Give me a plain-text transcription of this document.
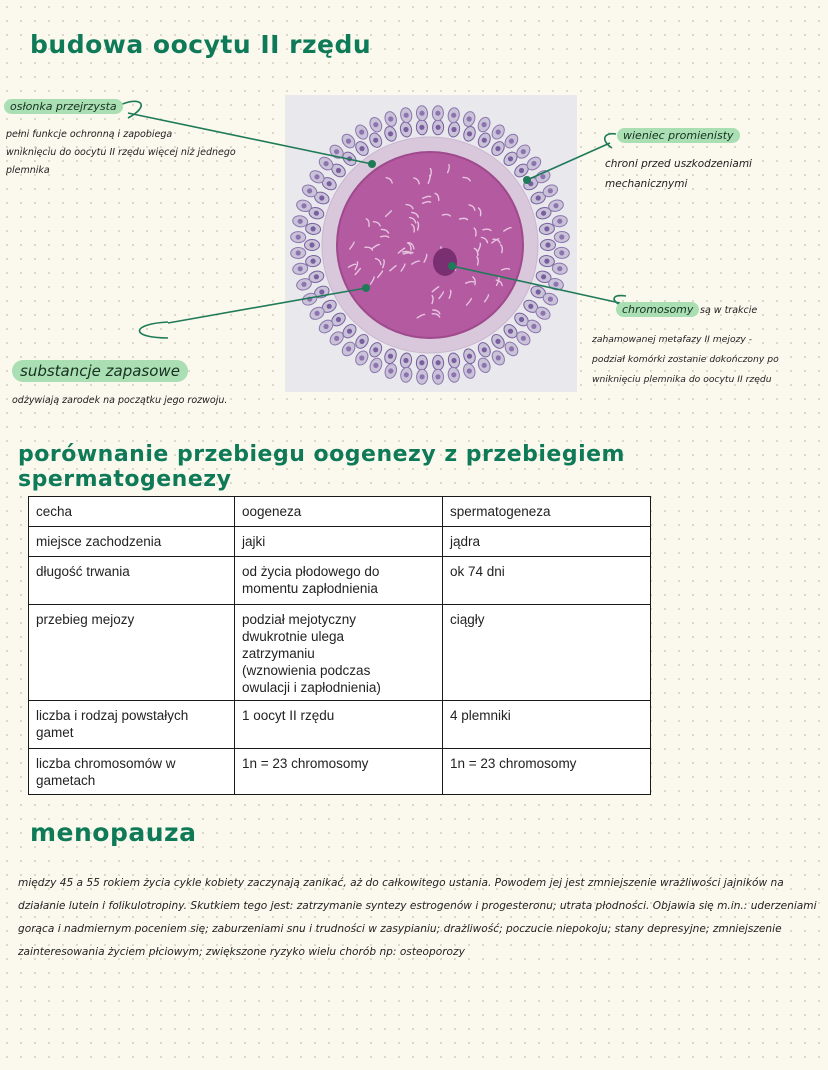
budowa oocytu II rzędu
osłonka przejrzysta
pełni funkcje ochronną i zapobiega
wniknięciu do oocytu II rzędu więcej niż jednego
plemnika
wieniec promienisty
chroni przed uszkodzeniami
mechanicznymi
substancje zapasowe
odżywiają zarodek na początku jego rozwoju.
chromosomy są w trakcie
zahamowanej metafazy II mejozy -
podział komórki zostanie dokończony po
wniknięciu plemnika do oocytu II rzędu
porównanie przebiegu oogenezy z przebiegiem spermatogenezy
cecha	oogeneza	spermatogeneza
miejsce zachodzenia	jajki	jądra
długość trwania	od życia płodowego do
momentu zapłodnienia	ok 74 dni
przebieg mejozy	podział mejotyczny
dwukrotnie ulega
zatrzymaniu
(wznowienia podczas
owulacji i zapłodnienia)	ciągły
liczba i rodzaj powstałych
gamet	1 oocyt II rzędu	4 plemniki
liczba chromosomów w
gametach	1n = 23 chromosomy	1n = 23 chromosomy
menopauza

między 45 a 55 rokiem życia cykle kobiety zaczynają zanikać, aż do całkowitego ustania. Powodem jej jest zmniejszenie wrażliwości jajników na działanie lutein i folikulotropiny. Skutkiem tego jest: zatrzymanie syntezy estrogenów i progesteronu; utrata płodności. Objawia się m.in.: uderzeniami gorąca i nadmiernym poceniem się; zaburzeniami snu i trudności w zasypianiu; drażliwość; poczucie niepokoju; stany depresyjne; zmniejszenie zainteresowania życiem płciowym; zwiększone ryzyko wielu chorób np: osteoporozy
